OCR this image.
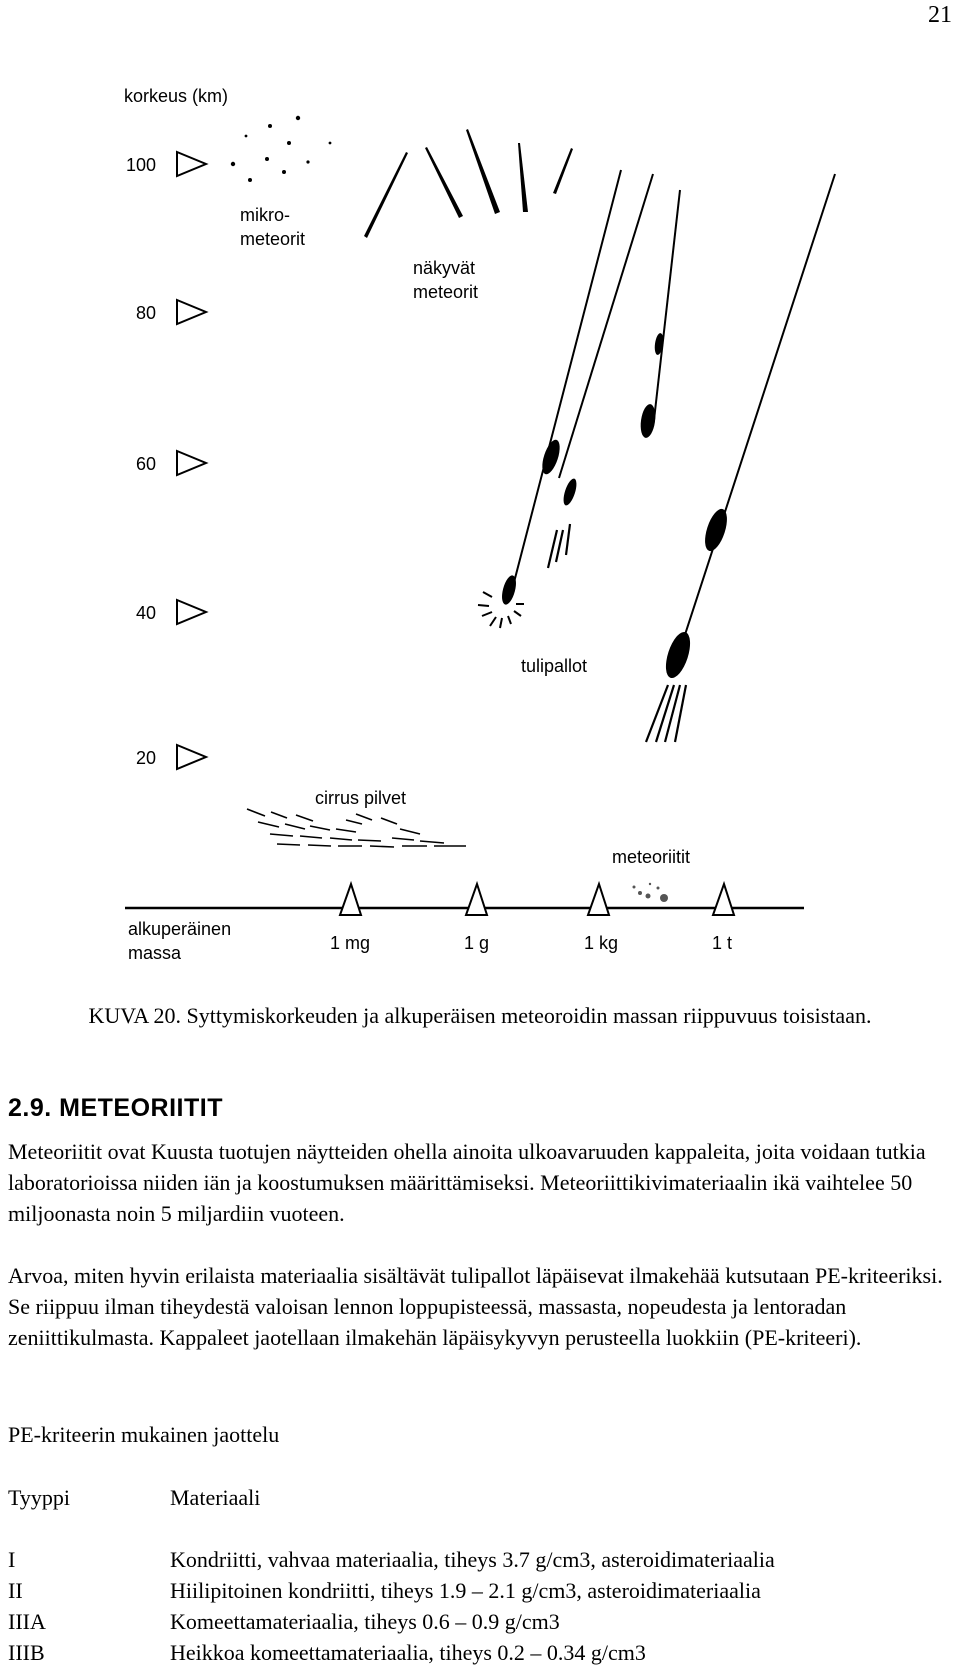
21
korkeus (km)
100
80
60
40
20
mikro-
meteorit
näkyvät
meteorit
tulipallot
cirrus pilvet
meteoriitit
alkuperäinen
massa	1 mg	1 g	1 kg	1 t
KUVA 20. Syttymiskorkeuden ja alkuperäisen meteoroidin massan riippuvuus toisistaan.
2.9. METEORIITIT

Meteoriitit ovat Kuusta tuotujen näytteiden ohella ainoita ulkoavaruuden kappaleita, joita voidaan tutkia laboratorioissa niiden iän ja koostumuksen määrittämiseksi. Meteoriittikivimateriaalin ikä vaihtelee 50 miljoonasta noin 5 miljardiin vuoteen.

Arvoa, miten hyvin erilaista materiaalia sisältävät tulipallot läpäisevat ilmakehää kutsutaan PE-kriteeriksi. Se riippuu ilman tiheydestä valoisan lennon loppupisteessä, massasta, nopeudesta ja lentoradan zeniittikulmasta. Kappaleet jaotellaan ilmakehän läpäisykyvyn perusteella luokkiin (PE-kriteeri).

PE-kriteerin mukainen jaottelu
Tyyppi	Materiaali
I	Kondriitti, vahvaa materiaalia, tiheys 3.7 g/cm3, asteroidimateriaalia
II	Hiilipitoinen kondriitti, tiheys 1.9 – 2.1 g/cm3, asteroidimateriaalia
IIIA	Komeettamateriaalia, tiheys 0.6 – 0.9 g/cm3
IIIB	Heikkoa komeettamateriaalia, tiheys 0.2 – 0.34 g/cm3
